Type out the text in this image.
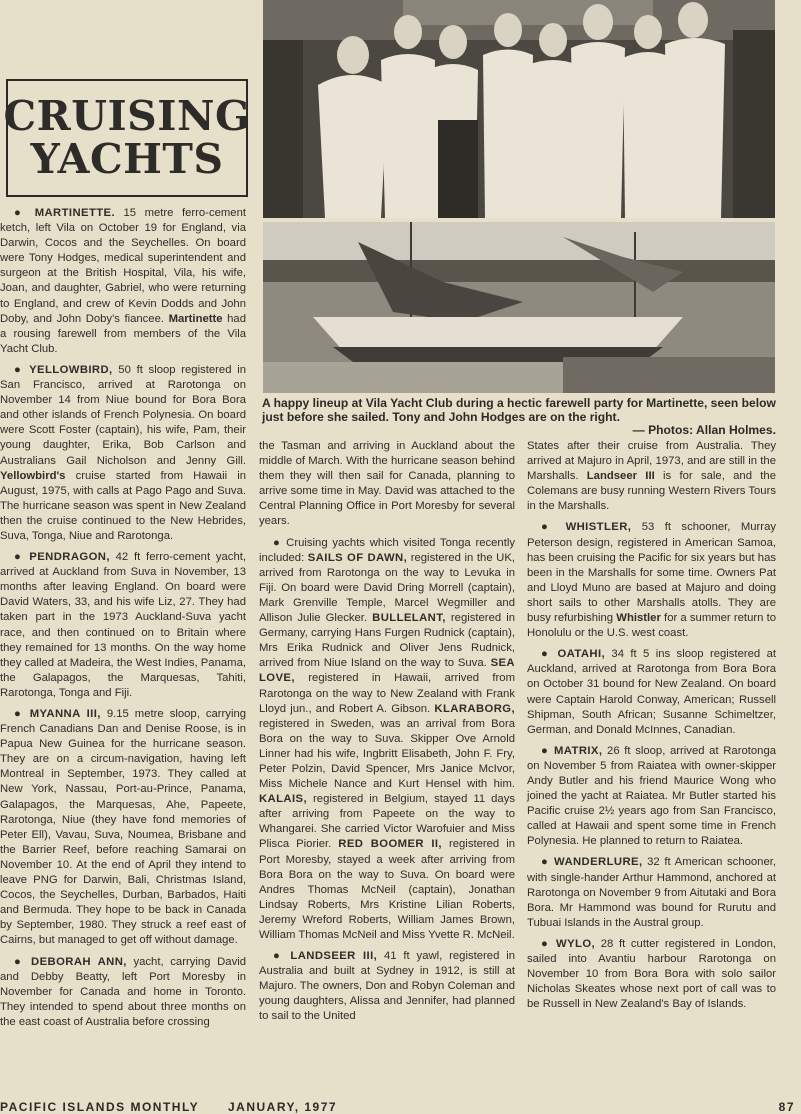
CRUISING
YACHTS
A happy lineup at Vila Yacht Club during a hectic farewell party for Martinette, seen below just before she sailed. Tony and John Hodges are on the right.
— Photos: Allan Holmes.

● MARTINETTE. 15 metre ferro-cement ketch, left Vila on October 19 for England, via Darwin, Cocos and the Seychelles. On board were Tony Hodges, medical superintendent and surgeon at the British Hospital, Vila, his wife, Joan, and daughter, Gabriel, who were returning to England, and crew of Kevin Dodds and John Doby, and John Doby's fiancee. Martinette had a rousing farewell from members of the Vila Yacht Club.

● YELLOWBIRD, 50 ft sloop registered in San Francisco, arrived at Rarotonga on November 14 from Niue bound for Bora Bora and other islands of French Polynesia. On board were Scott Foster (captain), his wife, Pam, their young daughter, Erika, Bob Carlson and Australians Gail Nicholson and Jenny Gill. Yellowbird's cruise started from Hawaii in August, 1975, with calls at Pago Pago and Suva. The hurricane season was spent in New Zealand then the cruise continued to the New Hebrides, Suva, Tonga, Niue and Rarotonga.

● PENDRAGON, 42 ft ferro-cement yacht, arrived at Auckland from Suva in November, 13 months after leaving England. On board were David Waters, 33, and his wife Liz, 27. They had taken part in the 1973 Auckland-Suva yacht race, and then continued on to Britain where they remained for 13 months. On the way home they called at Madeira, the West Indies, Panama, the Galapagos, the Marquesas, Tahiti, Rarotonga, Tonga and Fiji.

● MYANNA III, 9.15 metre sloop, carrying French Canadians Dan and Denise Roose, is in Papua New Guinea for the hurricane season. They are on a circum-navigation, having left Montreal in September, 1973. They called at New York, Nassau, Port-au-Prince, Panama, Galapagos, the Marquesas, Ahe, Papeete, Rarotonga, Niue (they have fond memories of Peter Ell), Vavau, Suva, Noumea, Brisbane and the Barrier Reef, before reaching Samarai on November 10. At the end of April they intend to leave PNG for Darwin, Bali, Christmas Island, Cocos, the Seychelles, Durban, Barbados, Haiti and Bermuda. They hope to be back in Canada by September, 1980. They struck a reef east of Cairns, but managed to get off without damage.

● DEBORAH ANN, yacht, carrying David and Debby Beatty, left Port Moresby in November for Canada and home in Toronto. They intended to spend about three months on the east coast of Australia before crossing

the Tasman and arriving in Auckland about the middle of March. With the hurricane season behind them they will then sail for Canada, planning to arrive some time in May. David was attached to the Central Planning Office in Port Moresby for several years.

● Cruising yachts which visited Tonga recently included: SAILS OF DAWN, registered in the UK, arrived from Rarotonga on the way to Levuka in Fiji. On board were David Dring Morrell (captain), Mark Grenville Temple, Marcel Wegmiller and Allison Julie Glecker. BULLELANT, registered in Germany, carrying Hans Furgen Rudnick (captain), Mrs Erika Rudnick and Oliver Jens Rudnick, arrived from Niue Island on the way to Suva. SEA LOVE, registered in Hawaii, arrived from Rarotonga on the way to New Zealand with Frank Lloyd jun., and Robert A. Gibson. KLARABORG, registered in Sweden, was an arrival from Bora Bora on the way to Suva. Skipper Ove Arnold Linner had his wife, Ingbritt Elisabeth, John F. Fry, Peter Polzin, David Spencer, Mrs Janice McIvor, Miss Michele Nance and Kurt Hensel with him. KALAIS, registered in Belgium, stayed 11 days after arriving from Papeete on the way to Whangarei. She carried Victor Warofuier and Miss Plisca Piorier. RED BOOMER II, registered in Port Moresby, stayed a week after arriving from Bora Bora on the way to Suva. On board were Andres Thomas McNeil (captain), Jonathan Lindsay Roberts, Mrs Kristine Lilian Roberts, Jeremy Wreford Roberts, William James Brown, William Thomas McNeil and Miss Yvette R. McNeil.

● LANDSEER III, 41 ft yawl, registered in Australia and built at Sydney in 1912, is still at Majuro. The owners, Don and Robyn Coleman and young daughters, Alissa and Jennifer, had planned to sail to the United

States after their cruise from Australia. They arrived at Majuro in April, 1973, and are still in the Marshalls. Landseer III is for sale, and the Colemans are busy running Western Rivers Tours in the Marshalls.

● WHISTLER, 53 ft schooner, Murray Peterson design, registered in American Samoa, has been cruising the Pacific for six years but has been in the Marshalls for some time. Owners Pat and Lloyd Muno are based at Majuro and doing short sails to other Marshalls atolls. They are busy refurbishing Whistler for a summer return to Honolulu or the U.S. west coast.

● OATAHI, 34 ft 5 ins sloop registered at Auckland, arrived at Rarotonga from Bora Bora on October 31 bound for New Zealand. On board were Captain Harold Conway, American; Russell Shipman, South African; Susanne Schimeltzer, German, and Donald McInnes, Canadian.

● MATRIX, 26 ft sloop, arrived at Rarotonga on November 5 from Raiatea with owner-skipper Andy Butler and his friend Maurice Wong who joined the yacht at Raiatea. Mr Butler started his Pacific cruise 2½ years ago from San Francisco, called at Hawaii and spent some time in French Polynesia. He planned to return to Raiatea.

● WANDERLURE, 32 ft American schooner, with single-hander Arthur Hammond, anchored at Rarotonga on November 9 from Aitutaki and Bora Bora. Mr Hammond was bound for Rurutu and Tubuai Islands in the Austral group.

● WYLO, 28 ft cutter registered in London, sailed into Avantiu harbour Rarotonga on November 10 from Bora Bora with solo sailor Nicholas Skeates whose next port of call was to be Russell in New Zealand's Bay of Islands.

PACIFIC ISLANDS MONTHLY JANUARY, 1977	87
